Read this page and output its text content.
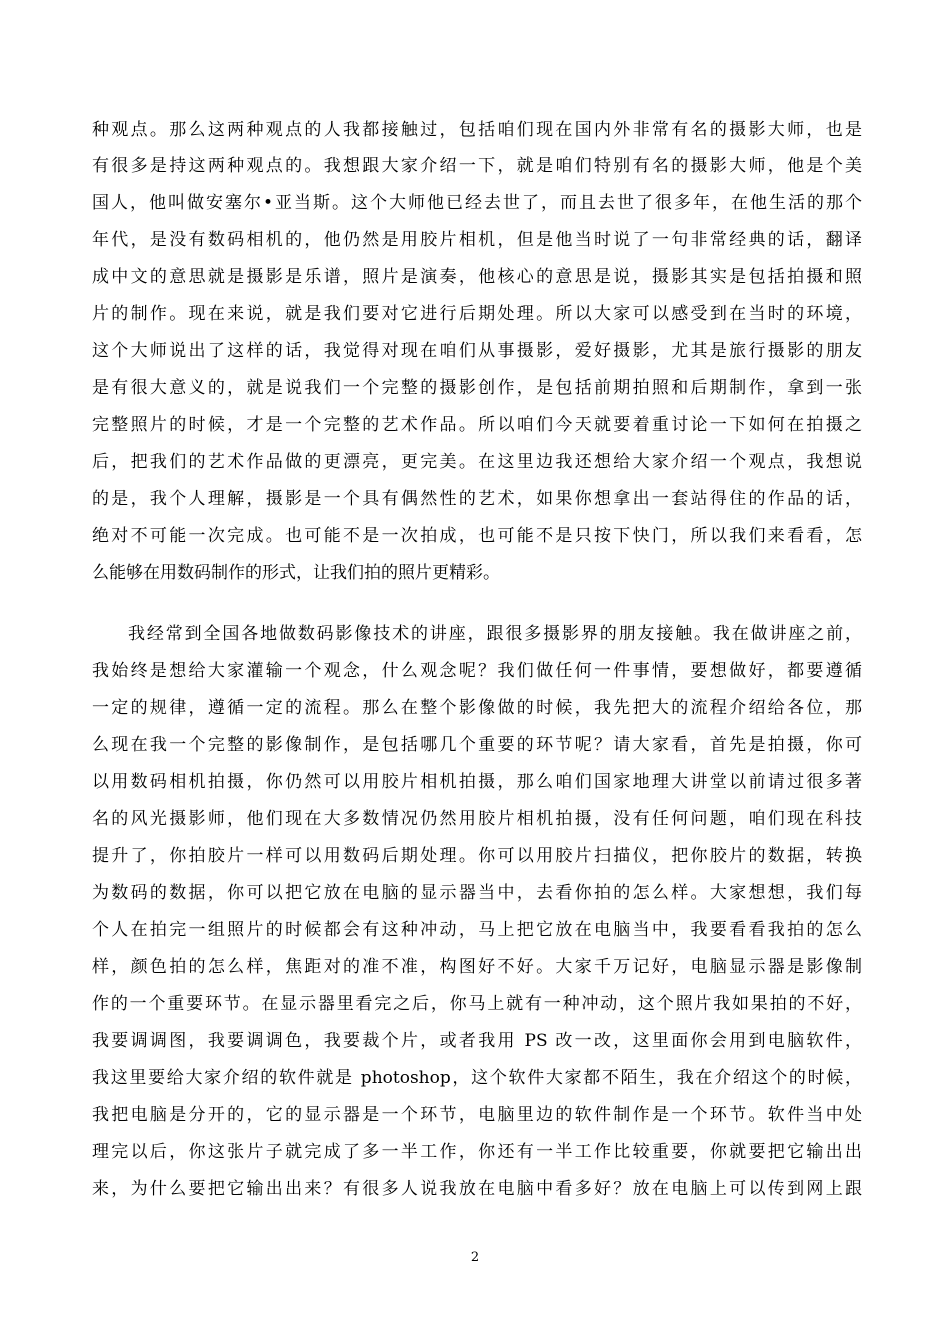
种观点。那么这两种观点的人我都接触过，包括咱们现在国内外非常有名的摄影大师，也是
有很多是持这两种观点的。我想跟大家介绍一下，就是咱们特别有名的摄影大师，他是个美
国人，他叫做安塞尔•亚当斯。这个大师他已经去世了，而且去世了很多年，在他生活的那个
年代，是没有数码相机的，他仍然是用胶片相机，但是他当时说了一句非常经典的话，翻译
成中文的意思就是摄影是乐谱，照片是演奏，他核心的意思是说，摄影其实是包括拍摄和照
片的制作。现在来说，就是我们要对它进行后期处理。所以大家可以感受到在当时的环境，
这个大师说出了这样的话，我觉得对现在咱们从事摄影，爱好摄影，尤其是旅行摄影的朋友
是有很大意义的，就是说我们一个完整的摄影创作，是包括前期拍照和后期制作，拿到一张
完整照片的时候，才是一个完整的艺术作品。所以咱们今天就要着重讨论一下如何在拍摄之
后，把我们的艺术作品做的更漂亮，更完美。在这里边我还想给大家介绍一个观点，我想说
的是，我个人理解，摄影是一个具有偶然性的艺术，如果你想拿出一套站得住的作品的话，
绝对不可能一次完成。也可能不是一次拍成，也可能不是只按下快门，所以我们来看看，怎
么能够在用数码制作的形式，让我们拍的照片更精彩。
我经常到全国各地做数码影像技术的讲座，跟很多摄影界的朋友接触。我在做讲座之前，
我始终是想给大家灌输一个观念，什么观念呢？我们做任何一件事情，要想做好，都要遵循
一定的规律，遵循一定的流程。那么在整个影像做的时候，我先把大的流程介绍给各位，那
么现在我一个完整的影像制作，是包括哪几个重要的环节呢？请大家看，首先是拍摄，你可
以用数码相机拍摄，你仍然可以用胶片相机拍摄，那么咱们国家地理大讲堂以前请过很多著
名的风光摄影师，他们现在大多数情况仍然用胶片相机拍摄，没有任何问题，咱们现在科技
提升了，你拍胶片一样可以用数码后期处理。你可以用胶片扫描仪，把你胶片的数据，转换
为数码的数据，你可以把它放在电脑的显示器当中，去看你拍的怎么样。大家想想，我们每
个人在拍完一组照片的时候都会有这种冲动，马上把它放在电脑当中，我要看看我拍的怎么
样，颜色拍的怎么样，焦距对的准不准，构图好不好。大家千万记好，电脑显示器是影像制
作的一个重要环节。在显示器里看完之后，你马上就有一种冲动，这个照片我如果拍的不好，
我要调调图，我要调调色，我要裁个片，或者我用 PS 改一改，这里面你会用到电脑软件，
我这里要给大家介绍的软件就是 photoshop，这个软件大家都不陌生，我在介绍这个的时候，
我把电脑是分开的，它的显示器是一个环节，电脑里边的软件制作是一个环节。软件当中处
理完以后，你这张片子就完成了多一半工作，你还有一半工作比较重要，你就要把它输出出
来，为什么要把它输出出来？有很多人说我放在电脑中看多好？放在电脑上可以传到网上跟
2
